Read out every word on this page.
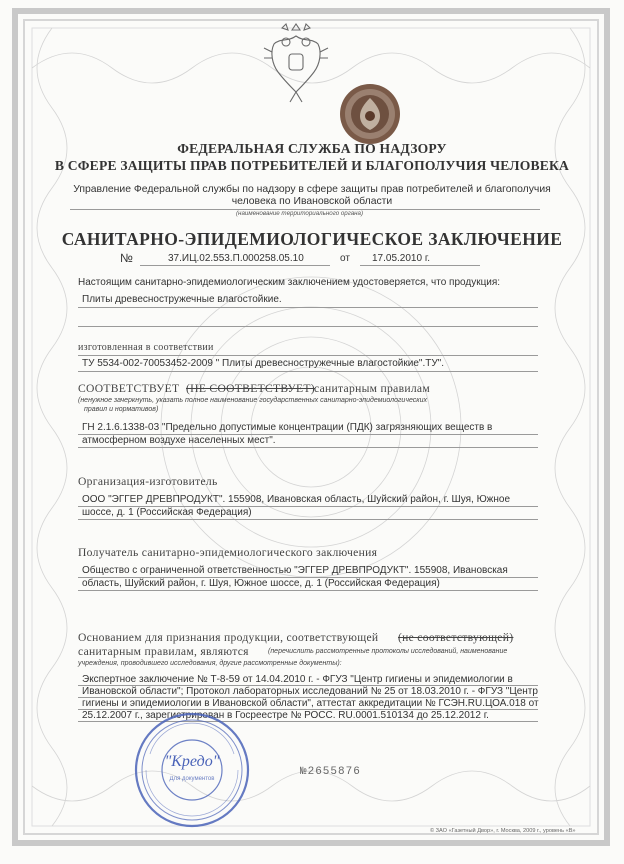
ФЕДЕРАЛЬНАЯ СЛУЖБА ПО НАДЗОРУ
В СФЕРЕ ЗАЩИТЫ ПРАВ ПОТРЕБИТЕЛЕЙ И БЛАГОПОЛУЧИЯ ЧЕЛОВЕКА
Управление Федеральной службы по надзору в сфере защиты прав потребителей и благополучия
человека по Ивановской области
(наименование территориального органа)
САНИТАРНО-ЭПИДЕМИОЛОГИЧЕСКОЕ ЗАКЛЮЧЕНИЕ
№	37.ИЦ.02.553.П.000258.05.10	от 17.05.2010 г.
Настоящим санитарно-эпидемиологическим заключением удостоверяется, что продукция:
Плиты древесностружечные влагостойкие.
изготовленная в соответствии
ТУ 5534-002-70053452-2009 " Плиты древесностружечные влагостойкие".ТУ".
СООТВЕТСТВУЕТ (НЕ СООТВЕТСТВУЕТ) санитарным правилам
(ненужное зачеркнуть, указать полное наименование государственных санитарно-эпидемиологических
правил и нормативов)
ГН 2.1.6.1338-03 "Предельно допустимые концентрации (ПДК) загрязняющих веществ в
атмосферном воздухе населенных мест".
Организация-изготовитель
ООО "ЭГГЕР ДРЕВПРОДУКТ". 155908, Ивановская область, Шуйский район, г. Шуя, Южное
шоссе, д. 1 (Российская Федерация)
Получатель санитарно-эпидемиологического заключения
Общество с ограниченной ответственностью "ЭГГЕР ДРЕВПРОДУКТ". 155908, Ивановская
область, Шуйский район, г. Шуя, Южное шоссе, д. 1 (Российская Федерация)
Основанием для признания продукции, соответствующей (не соответствующей)
санитарным правилам, являются	(перечислить рассмотренные протоколы исследований, наименование
учреждения, проводившего исследования, другие рассмотренные документы):
Экспертное заключение № Т-8-59 от 14.04.2010 г. - ФГУЗ "Центр гигиены и эпидемиологии в
Ивановской области"; Протокол лабораторных исследований № 25 от 18.03.2010 г. - ФГУЗ "Центр
гигиены и эпидемиологии в Ивановской области", аттестат аккредитации № ГСЭН.RU.ЦОА.018 от
25.12.2007 г., зарегистрирован в Госреестре № РОСС. RU.0001.510134 до 25.12.2012 г.
"Кредо"
Для документов
№2655876
© ЗАО «Газетный Двор», г. Москва, 2009 г., уровень «В»
